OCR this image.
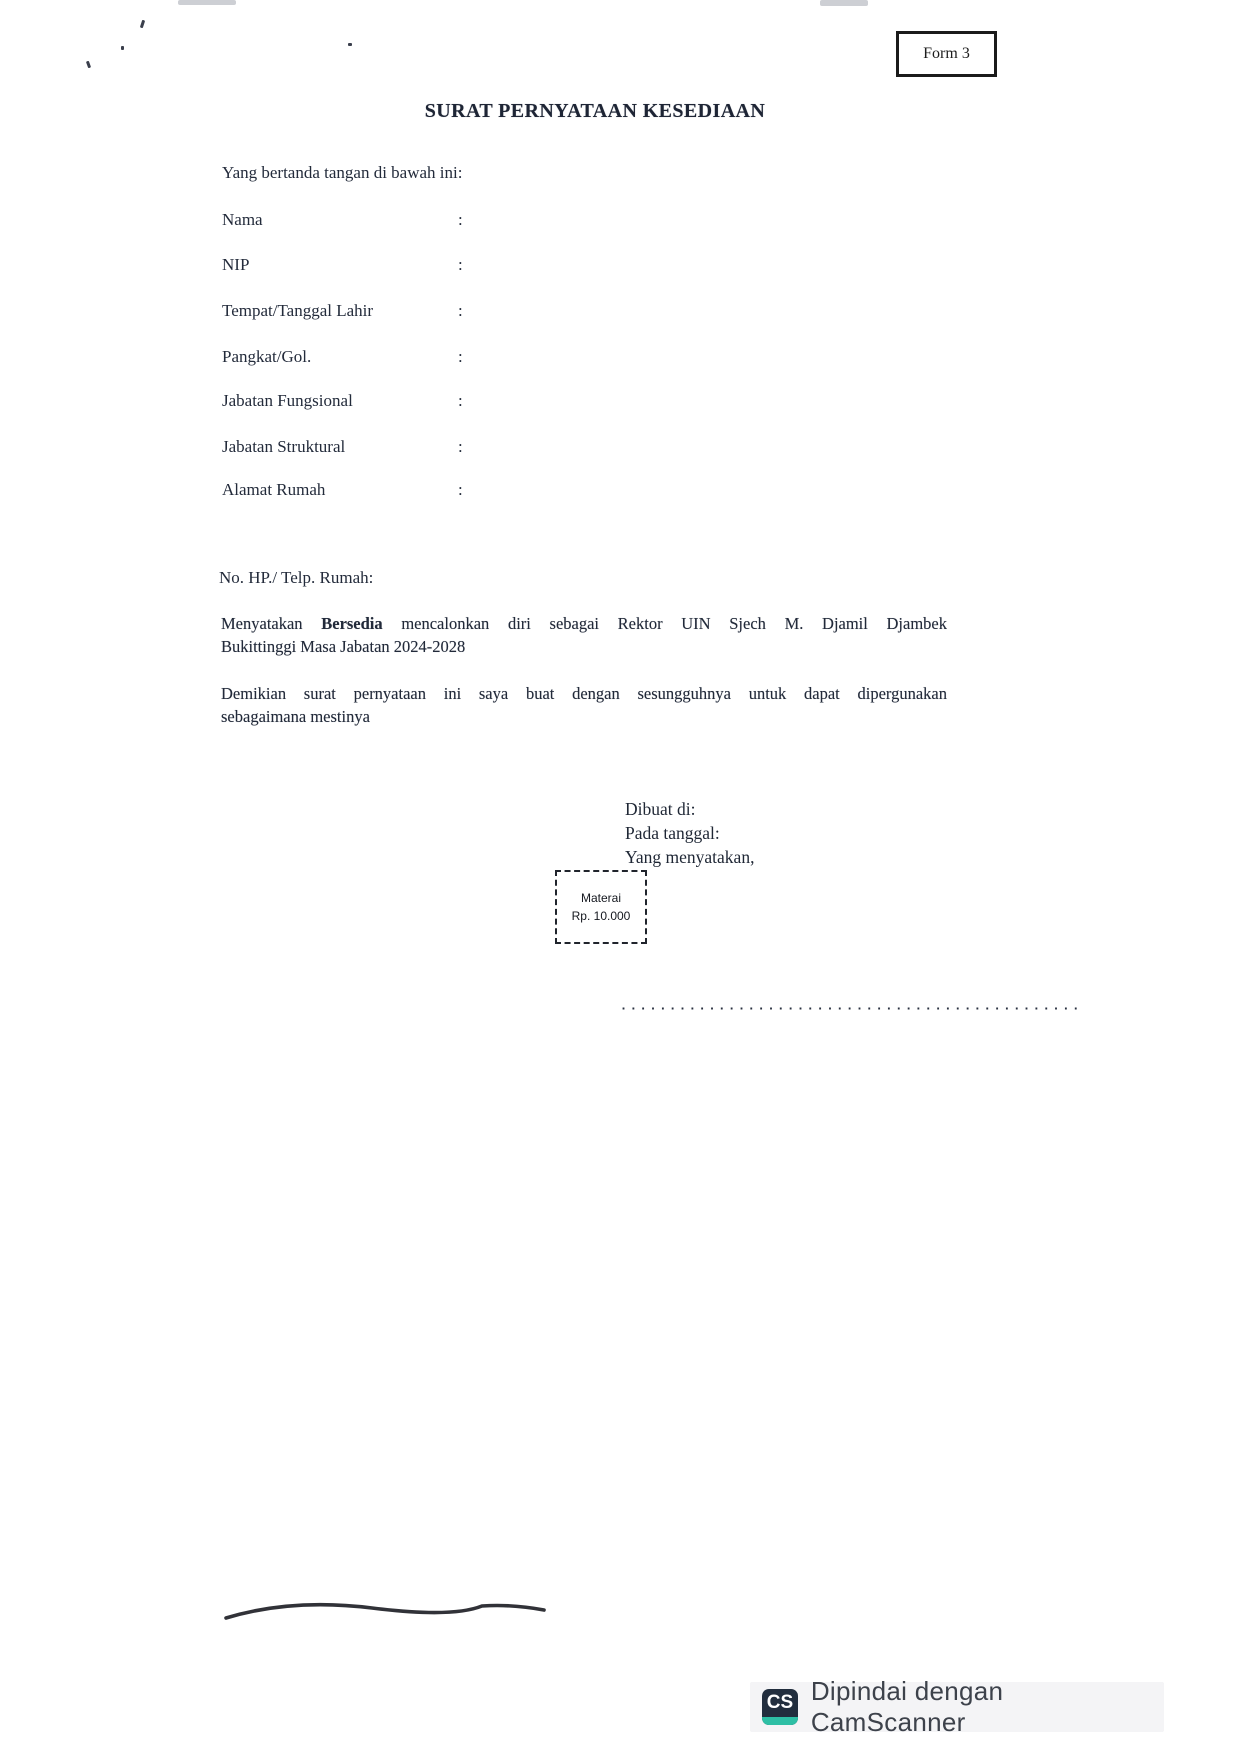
Form 3
SURAT PERNYATAAN KESEDIAAN
Yang bertanda tangan di bawah ini:
Nama	:
NIP	:
Tempat/Tanggal Lahir	:
Pangkat/Gol.	:
Jabatan Fungsional	:
Jabatan Struktural	:
Alamat Rumah	:
No. HP./ Telp. Rumah:
Menyatakan Bersedia mencalonkan diri sebagai Rektor UIN Sjech M. Djamil Djambek
Bukittinggi Masa Jabatan 2024-2028
Demikian surat pernyataan ini saya buat dengan sesungguhnya untuk dapat dipergunakan
sebagaimana mestinya
Dibuat di:
Pada tanggal:
Yang menyatakan,
Materai
Rp. 10.000
...............................................
CS Dipindai dengan CamScanner
